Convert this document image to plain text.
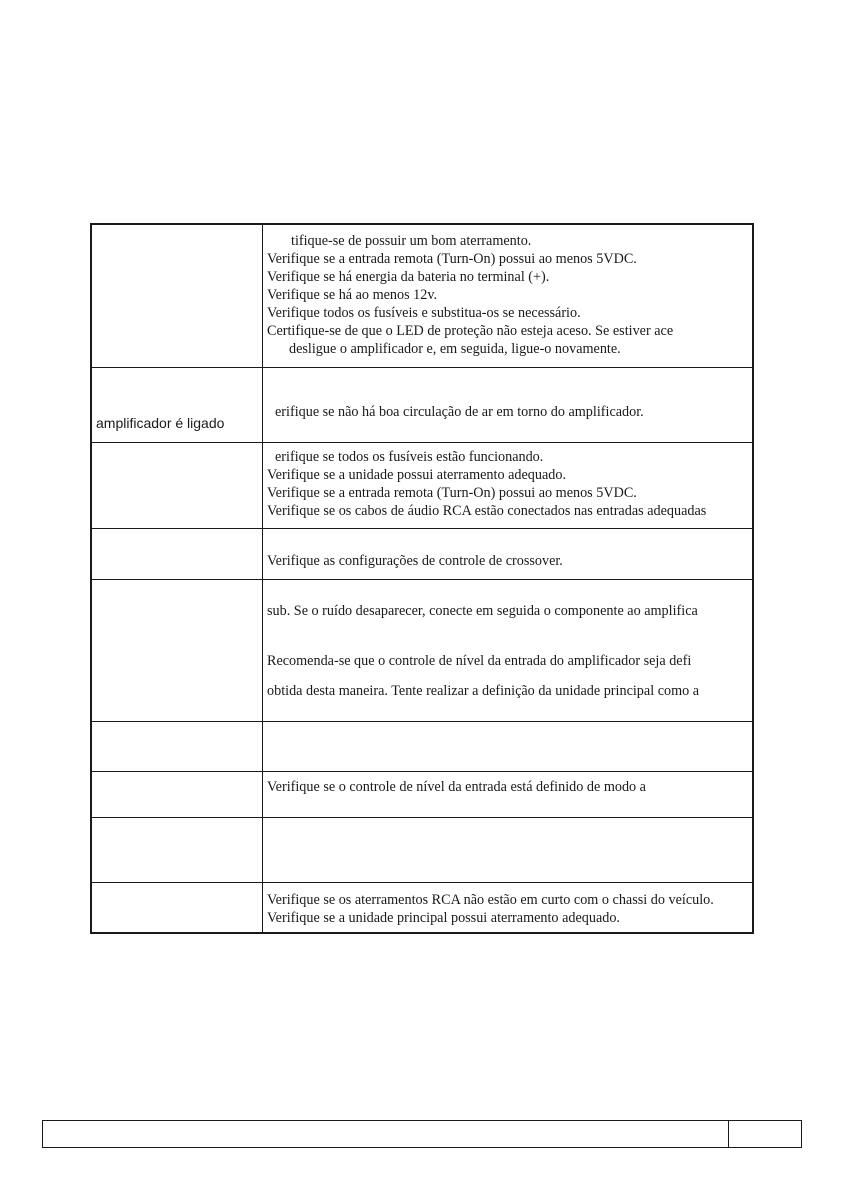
tifique-se de possuir um bom aterramento.
Verifique se a entrada remota (Turn-On) possui ao menos 5VDC.
Verifique se há energia da bateria no terminal (+).
Verifique se há ao menos 12v.
Verifique todos os fusíveis e substitua-os se necessário.
Certifique-se de que o LED de proteção não esteja aceso. Se estiver ace
desligue o amplificador e, em seguida, ligue-o novamente.
amplificador é ligado
erifique se não há boa circulação de ar em torno do amplificador.
erifique se todos os fusíveis estão funcionando.
Verifique se a unidade possui aterramento adequado.
Verifique se a entrada remota (Turn-On) possui ao menos 5VDC.
Verifique se os cabos de áudio RCA estão conectados nas entradas adequadas
Verifique as configurações de controle de crossover.
sub. Se o ruído desaparecer, conecte em seguida o componente ao amplifica
Recomenda-se que o controle de nível da entrada do amplificador seja defi
obtida desta maneira. Tente realizar a definição da unidade principal como a
Verifique se o controle de nível da entrada está definido de modo a
Verifique se os aterramentos RCA não estão em curto com o chassi do veículo.
Verifique se a unidade principal possui aterramento adequado.
